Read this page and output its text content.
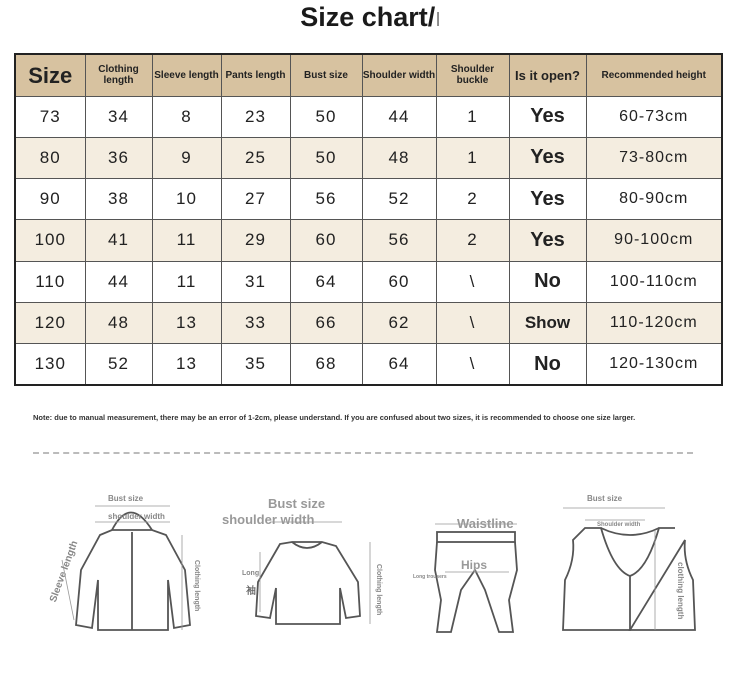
Size chart/I
Size	Clothing length	Sleeve length	Pants length	Bust size	Shoulder width	Shoulder buckle	Is it open?	Recommended height
73	34	8	23	50	44	1	Yes	60-73cm
80	36	9	25	50	48	1	Yes	73-80cm
90	38	10	27	56	52	2	Yes	80-90cm
100	41	11	29	60	56	2	Yes	90-100cm
110	44	11	31	64	60	\	No	100-110cm
120	48	13	33	66	62	\	Show	110-120cm
130	52	13	35	68	64	\	No	120-130cm
Note: due to manual measurement, there may be an error of 1-2cm, please understand. If you are confused about two sizes, it is recommended to choose one size larger.
Bust size
shoulder width
Sleeve length	Clothing length
Bust size
shoulder width
Long
袖	Clothing length
Waistline
Hips
Long trousers
Bust size
Shoulder width
clothing length
